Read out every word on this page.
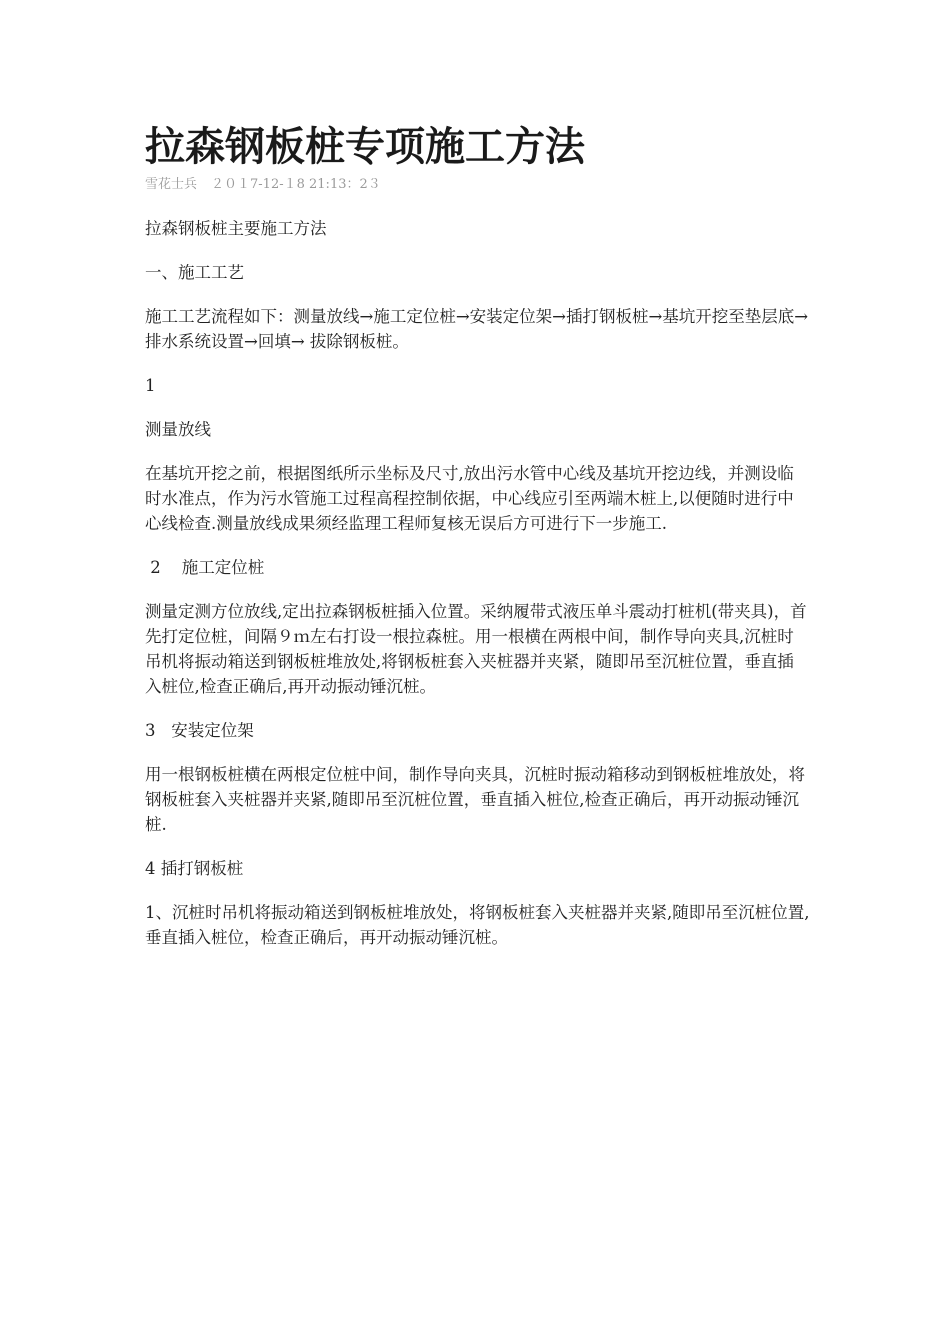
拉森钢板桩专项施工方法
雪花士兵 ２０１7-12-１8 21:13：2３

拉森钢板桩主要施工方法

一、施工工艺

施工工艺流程如下：测量放线→施工定位桩→安装定位架→插打钢板桩→基坑开挖至垫层底→排水系统设置→回填→ 拔除钢板桩。

1

测量放线

在基坑开挖之前，根据图纸所示坐标及尺寸,放出污水管中心线及基坑开挖边线，并测设临时水准点，作为污水管施工过程高程控制依据，中心线应引至两端木桩上,以便随时进行中心线检查.测量放线成果须经监理工程师复核无误后方可进行下一步施工.

2    施工定位桩

测量定测方位放线,定出拉森钢板桩插入位置。采纳履带式液压单斗震动打桩机(带夹具)，首先打定位桩，间隔９ｍ左右打设一根拉森桩。用一根横在两根中间，制作导向夹具,沉桩时吊机将振动箱送到钢板桩堆放处,将钢板桩套入夹桩器并夹紧，随即吊至沉桩位置，垂直插入桩位,检查正确后,再开动振动锤沉桩。

3   安装定位架

用一根钢板桩横在两根定位桩中间，制作导向夹具，沉桩时振动箱移动到钢板桩堆放处，将钢板桩套入夹桩器并夹紧,随即吊至沉桩位置，垂直插入桩位,检查正确后，再开动振动锤沉桩.

4 插打钢板桩

1、沉桩时吊机将振动箱送到钢板桩堆放处，将钢板桩套入夹桩器并夹紧,随即吊至沉桩位置,垂直插入桩位，检查正确后，再开动振动锤沉桩。
